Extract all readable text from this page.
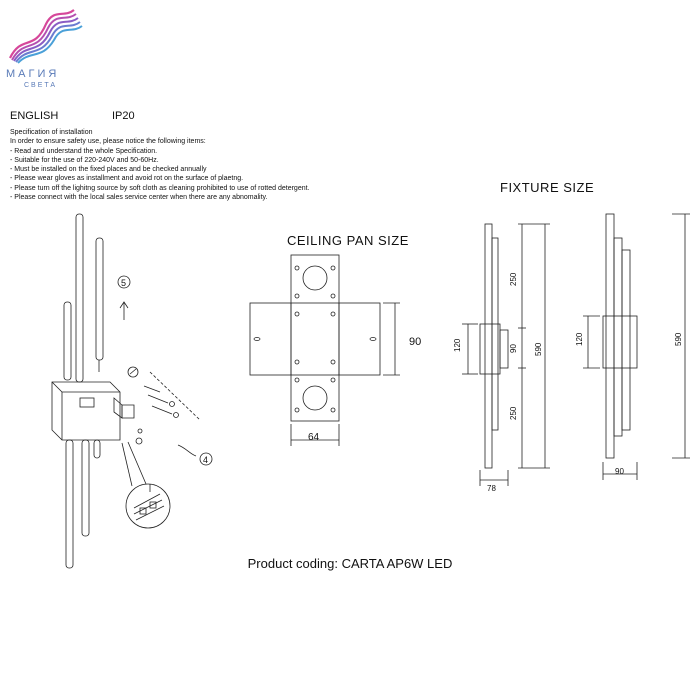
МАГИЯ
СВЕТА
ENGLISH	IP20
Specification of installation
In order to ensure safety use, please notice the following items:
- Read and understand the whole Specification.
- Suitable for the use of 220-240V and 50-60Hz.
- Must be installed on the fixed places and be checked annually
- Please wear gloves as installment and avoid rot on the surface of plaetng.
- Please turn off the lighitng source by soft cloth as cleaning prohibited to use of rotted detergent.
- Please connect with the local sales service center when there are any abnomality.
CEILING PAN SIZE
FIXTURE SIZE
5
4
90
64
120
250
90
250
590
78
120	590
90
Product coding: CARTA AP6W LED
